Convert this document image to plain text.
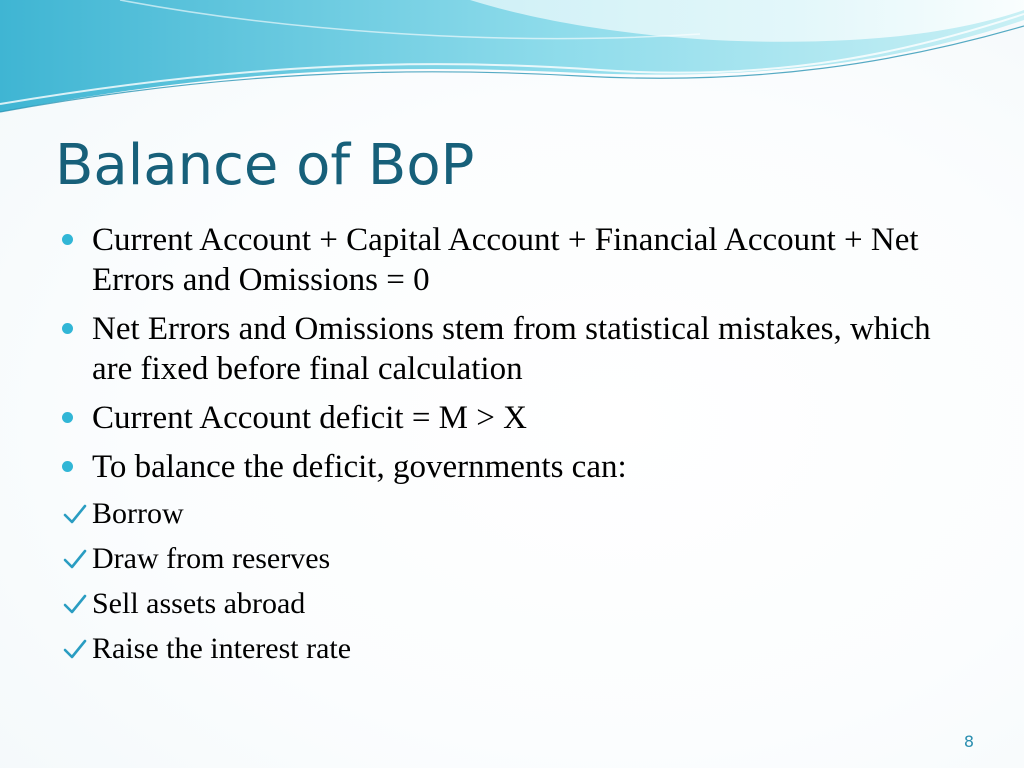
Balance of BoP
Current Account + Capital Account + Financial Account + Net Errors and Omissions = 0
Net Errors and Omissions stem from statistical mistakes, which are fixed before final calculation
Current Account deficit = M > X
To balance the deficit, governments can:
Borrow
Draw from reserves
Sell assets abroad
Raise the interest rate
8
